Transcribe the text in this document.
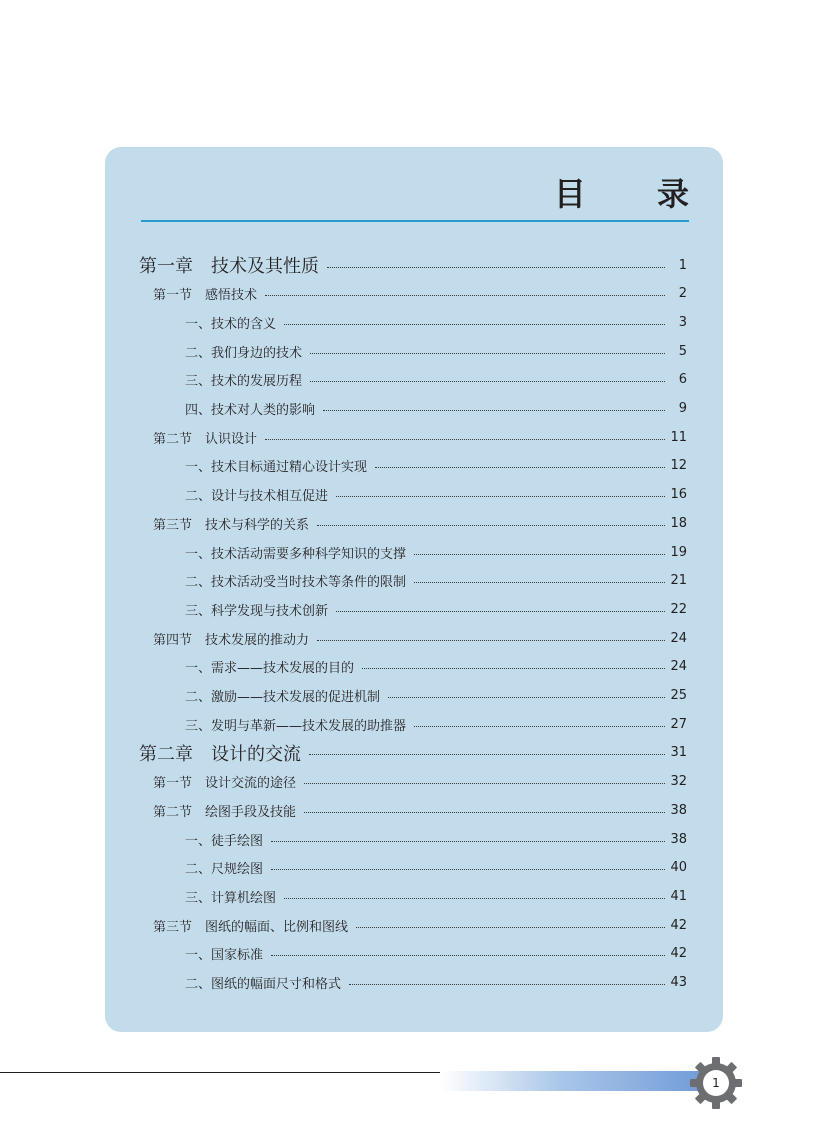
目 录
第一章　技术及其性质	1
第一节　感悟技术	2
一、技术的含义	3
二、我们身边的技术	5
三、技术的发展历程	6
四、技术对人类的影响	9
第二节　认识设计	11
一、技术目标通过精心设计实现	12
二、设计与技术相互促进	16
第三节　技术与科学的关系	18
一、技术活动需要多种科学知识的支撑	19
二、技术活动受当时技术等条件的限制	21
三、科学发现与技术创新	22
第四节　技术发展的推动力	24
一、需求——技术发展的目的	24
二、激励——技术发展的促进机制	25
三、发明与革新——技术发展的助推器	27
第二章　设计的交流	31
第一节　设计交流的途径	32
第二节　绘图手段及技能	38
一、徒手绘图	38
二、尺规绘图	40
三、计算机绘图	41
第三节　图纸的幅面、比例和图线	42
一、国家标准	42
二、图纸的幅面尺寸和格式	43
1
